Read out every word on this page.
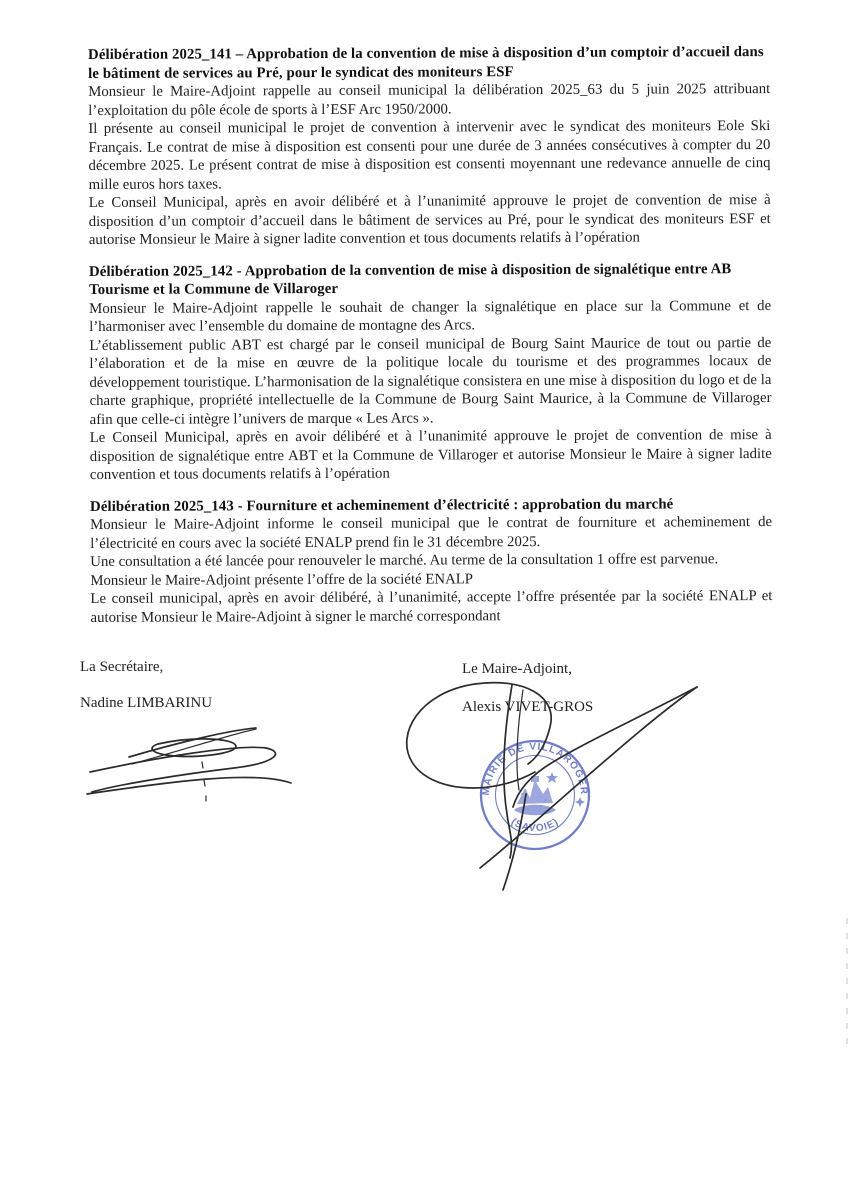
Délibération 2025_141 – Approbation de la convention de mise à disposition d’un comptoir d’accueil dans le bâtiment de services au Pré, pour le syndicat des moniteurs ESF

Monsieur le Maire-Adjoint rappelle au conseil municipal la délibération 2025_63 du 5 juin 2025 attribuant l’exploitation du pôle école de sports à l’ESF Arc 1950/2000.

Il présente au conseil municipal le projet de convention à intervenir avec le syndicat des moniteurs Eole Ski Français. Le contrat de mise à disposition est consenti pour une durée de 3 années consécutives à compter du 20 décembre 2025. Le présent contrat de mise à disposition est consenti moyennant une redevance annuelle de cinq mille euros hors taxes.

Le Conseil Municipal, après en avoir délibéré et à l’unanimité approuve le projet de convention de mise à disposition d’un comptoir d’accueil dans le bâtiment de services au Pré, pour le syndicat des moniteurs ESF et autorise Monsieur le Maire à signer ladite convention et tous documents relatifs à l’opération

Délibération 2025_142 - Approbation de la convention de mise à disposition de signalétique entre AB Tourisme et la Commune de Villaroger

Monsieur le Maire-Adjoint rappelle le souhait de changer la signalétique en place sur la Commune et de l’harmoniser avec l’ensemble du domaine de montagne des Arcs.

L’établissement public ABT est chargé par le conseil municipal de Bourg Saint Maurice de tout ou partie de l’élaboration et de la mise en œuvre de la politique locale du tourisme et des programmes locaux de développement touristique. L’harmonisation de la signalétique consistera en une mise à disposition du logo et de la charte graphique, propriété intellectuelle de la Commune de Bourg Saint Maurice, à la Commune de Villaroger afin que celle-ci intègre l’univers de marque « Les Arcs ».

Le Conseil Municipal, après en avoir délibéré et à l’unanimité approuve le projet de convention de mise à disposition de signalétique entre ABT et la Commune de Villaroger et autorise Monsieur le Maire à signer ladite convention et tous documents relatifs à l’opération

Délibération 2025_143 - Fourniture et acheminement d’électricité : approbation du marché

Monsieur le Maire-Adjoint informe le conseil municipal que le contrat de fourniture et acheminement de l’électricité en cours avec la société ENALP prend fin le 31 décembre 2025.

Une consultation a été lancée pour renouveler le marché. Au terme de la consultation 1 offre est parvenue.

Monsieur le Maire-Adjoint présente l’offre de la société ENALP

Le conseil municipal, après en avoir délibéré, à l’unanimité, accepte l’offre présentée par la société ENALP et autorise Monsieur le Maire-Adjoint à signer le marché correspondant

La Secrétaire,
Nadine LIMBARINU
Le Maire-Adjoint,
Alexis VIVET-GROS
MAIRIE DE VILLAROGER
(SAVOIE)
